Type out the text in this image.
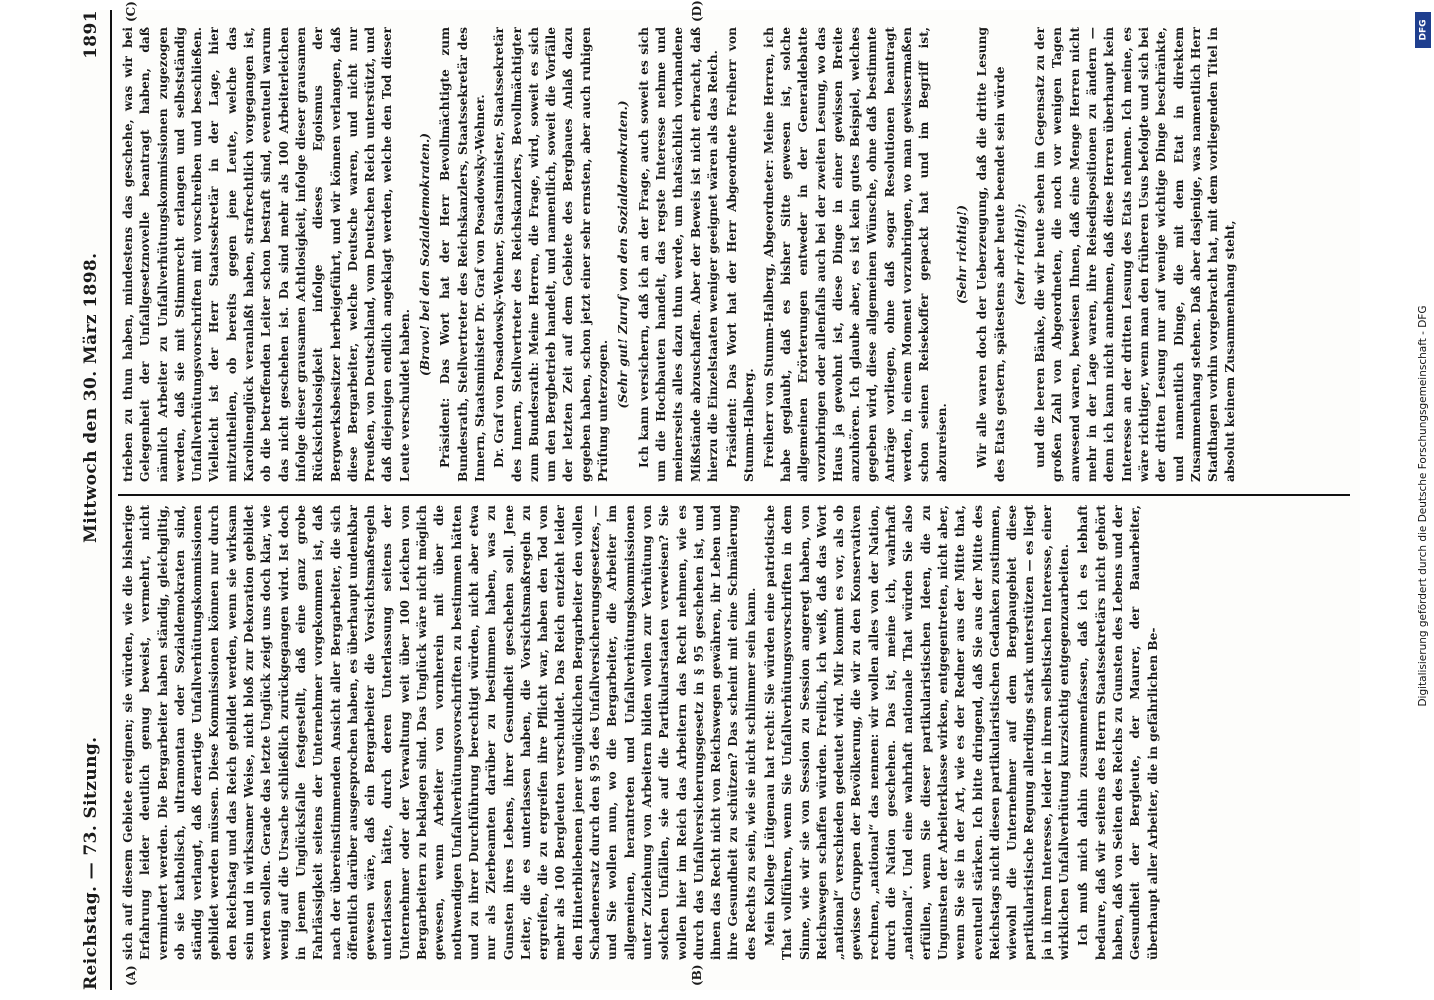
Reichstag. — 73. Sitzung.
Mittwoch den 30. März 1898.
1891
(A)	(B)
(C)	(D)

sich auf diesem Gebiete ereignen; sie würden, wie die bisherige Erfahrung leider deutlich genug beweist, vermehrt, nicht vermindert werden. Die Bergarbeiter haben ständig, gleichgiltig, ob sie katholisch, ultramontan oder Sozialdemokraten sind, ständig verlangt, daß derartige Unfallverhütungskommissionen gebildet werden müssen. Diese Kommissionen können nur durch den Reichstag und das Reich gebildet werden, wenn sie wirksam sein und in wirksamer Weise, nicht bloß zur Dekoration gebildet werden sollen. Gerade das letzte Unglück zeigt uns doch klar, wie wenig auf die Ursache schließlich zurückgegangen wird. Ist doch in jenem Unglücksfalle festgestellt, daß eine ganz grobe Fahrlässigkeit seitens der Unternehmer vorgekommen ist, daß nach der übereinstimmenden Ansicht aller Bergarbeiter, die sich öffentlich darüber ausgesprochen haben, es überhaupt undenkbar gewesen wäre, daß ein Bergarbeiter die Vorsichtsmaßregeln unterlassen hätte, durch deren Unterlassung seitens der Unternehmer oder der Verwaltung weit über 100 Leichen von Bergarbeitern zu beklagen sind. Das Unglück wäre nicht möglich gewesen, wenn Arbeiter von vornherein mit über die nothwendigen Unfallverhütungsvorschriften zu bestimmen hätten und zu ihrer Durchführung berechtigt würden, nicht aber etwa nur als Zierbeamten darüber zu bestimmen haben, was zu Gunsten ihres Lebens, ihrer Gesundheit geschehen soll. Jene Leiter, die es unterlassen haben, die Vorsichtsmaßregeln zu ergreifen, die zu ergreifen ihre Pflicht war, haben den Tod von mehr als 100 Bergleuten verschuldet. Das Reich entzieht leider den Hinterbliebenen jener unglücklichen Bergarbeiter den vollen Schadenersatz durch den § 95 des Unfallversicherungsgesetzes, — und Sie wollen nun, wo die Bergarbeiter, die Arbeiter im allgemeinen, herantreten und Unfallverhütungskommissionen unter Zuziehung von Arbeitern bilden wollen zur Verhütung von solchen Unfällen, sie auf die Partikularstaaten verweisen? Sie wollen hier im Reich das Arbeitern das Recht nehmen, wie es durch das Unfallversicherungsgesetz in § 95 geschehen ist, und ihnen das Recht nicht von Reichswegen gewähren, ihr Leben und ihre Gesundheit zu schützen? Das scheint mit eine Schmälerung des Rechts zu sein, wie sie nicht schlimmer sein kann. Mein Kollege Lütgenau hat recht: Sie würden eine patriotische That vollführen, wenn Sie Unfallverhütungsvorschriften in dem Sinne, wie wir sie von Session zu Session angeregt haben, von Reichswegen schaffen würden. Freilich, ich weiß, daß das Wort „national“ verschieden gedeutet wird. Mir kommt es vor, als ob gewisse Gruppen der Bevölkerung, die wir zu den Konservativen rechnen, „national“ das nennen: wir wollen alles von der Nation, durch die Nation geschehen. Das ist, meine ich, wahrhaft „national“. Und eine wahrhaft nationale That würden Sie also erfüllen, wenn Sie dieser partikularistischen Ideen, die zu Ungunsten der Arbeiterklasse wirken, entgegentreten, nicht aber, wenn Sie sie in der Art, wie es der Redner aus der Mitte that, eventuell stärken. Ich bitte dringend, daß Sie aus der Mitte des Reichstags nicht diesen partikularistischen Gedanken zustimmen, wiewohl die Unternehmer auf dem Bergbaugebiet diese partikularistische Regung allerdings stark unterstützen — es liegt ja in ihrem Interesse, leider in ihrem selbstischen Interesse, einer wirklichen Unfallverhütung kurzsichtig entgegenzuarbeiten. Ich muß mich dahin zusammenfassen, daß ich es lebhaft bedaure, daß wir seitens des Herrn Staatssekretärs nicht gehört haben, daß von Seiten des Reichs zu Gunsten des Lebens und der Gesundheit der Bergleute, der Maurer, der Bauarbeiter, überhaupt aller Arbeiter, die in gefährlichen Be-

trieben zu thun haben, mindestens das geschehe, was wir bei Gelegenheit der Unfallgesetznovelle beantragt haben, daß nämlich Arbeiter zu Unfallverhütungskommissionen zugezogen werden, daß sie mit Stimmrecht erlangen und selbstständig Unfallverhütungsvorschriften mit vorschreiben und beschließen. Vielleicht ist der Herr Staatssekretär in der Lage, hier mitzutheilen, ob bereits gegen jene Leute, welche das Karolinenglück veranlaßt haben, strafrechtlich vorgegangen ist, ob die betreffenden Leiter schon bestraft sind, eventuell warum das nicht geschehen ist. Da sind mehr als 100 Arbeiterleichen infolge dieser grausamen Achtlosigkeit, infolge dieser grausamen Rücksichtslosigkeit infolge dieses Egoismus der Bergwerksbesitzer herbeigeführt, und wir können verlangen, daß diese Bergarbeiter, welche Deutsche waren, und nicht nur Preußen, von Deutschland, vom Deutschen Reich unterstützt, und daß diejenigen endlich angeklagt werden, welche den Tod dieser Leute verschuldet haben.

(Bravo! bei den Sozialdemokraten.) Präsident: Das Wort hat der Herr Bevollmächtigte zum Bundesrath, Stellvertreter des Reichskanzlers, Staatssekretär des Innern, Staatsminister Dr. Graf von Posadowsky-Wehner. Dr. Graf von Posadowsky-Wehner, Staatsminister, Staatssekretär des Innern, Stellvertreter des Reichskanzlers, Bevollmächtigter zum Bundesrath: Meine Herren, die Frage, wird, soweit es sich um den Bergbetrieb handelt, und namentlich, soweit die Vorfälle der letzten Zeit auf dem Gebiete des Bergbaues Anlaß dazu gegeben haben, schon jetzt einer sehr ernsten, aber auch ruhigen Prüfung unterzogen.

(Sehr gut! Zuruf von den Sozialdemokraten.) Ich kann versichern, daß ich an der Frage, auch soweit es sich um die Hochbauten handelt, das regste Interesse nehme und meinerseits alles dazu thun werde, um thatsächlich vorhandene Mißstände abzuschaffen. Aber der Beweis ist nicht erbracht, daß hierzu die Einzelstaaten weniger geeignet wären als das Reich. Präsident: Das Wort hat der Herr Abgeordnete Freiherr von Stumm-Halberg. Freiherr von Stumm-Halberg, Abgeordneter: Meine Herren, ich habe geglaubt, daß es bisher Sitte gewesen ist, solche allgemeinen Erörterungen entweder in der Generaldebatte vorzubringen oder allenfalls auch bei der zweiten Lesung, wo das Haus ja gewohnt ist, diese Dinge in einer gewissen Breite anzuhören. Ich glaube aber, es ist kein gutes Beispiel, welches gegeben wird, diese allgemeinen Wünsche, ohne daß bestimmte Anträge vorliegen, ohne daß sogar Resolutionen beantragt werden, in einem Moment vorzubringen, wo man gewissermaßen schon seinen Reisekoffer gepackt hat und im Begriff ist, abzureisen.

(Sehr richtig!) Wir alle waren doch der Ueberzeugung, daß die dritte Lesung des Etats gestern, spätestens aber heute beendet sein würde (sehr richtig!); und die leeren Bänke, die wir heute sehen im Gegensatz zu der großen Zahl von Abgeordneten, die noch vor wenigen Tagen anwesend waren, beweisen Ihnen, daß eine Menge Herren nicht mehr in der Lage waren, ihre Reisedispositionen zu ändern — denn ich kann nicht annehmen, daß diese Herren überhaupt kein Interesse an der dritten Lesung des Etats nehmen. Ich meine, es wäre richtiger, wenn man den früheren Usus befolgte und sich bei der dritten Lesung nur auf wenige wichtige Dinge beschränkte, und namentlich Dinge, die mit dem Etat in direktem Zusammenhang stehen. Daß aber dasjenige, was namentlich Herr Stadthagen vorhin vorgebracht hat, mit dem vorliegenden Titel in absolut keinem Zusammenhang steht,

DFG
Digitalisierung gefördert durch die Deutsche Forschungsgemeinschaft - DFG
